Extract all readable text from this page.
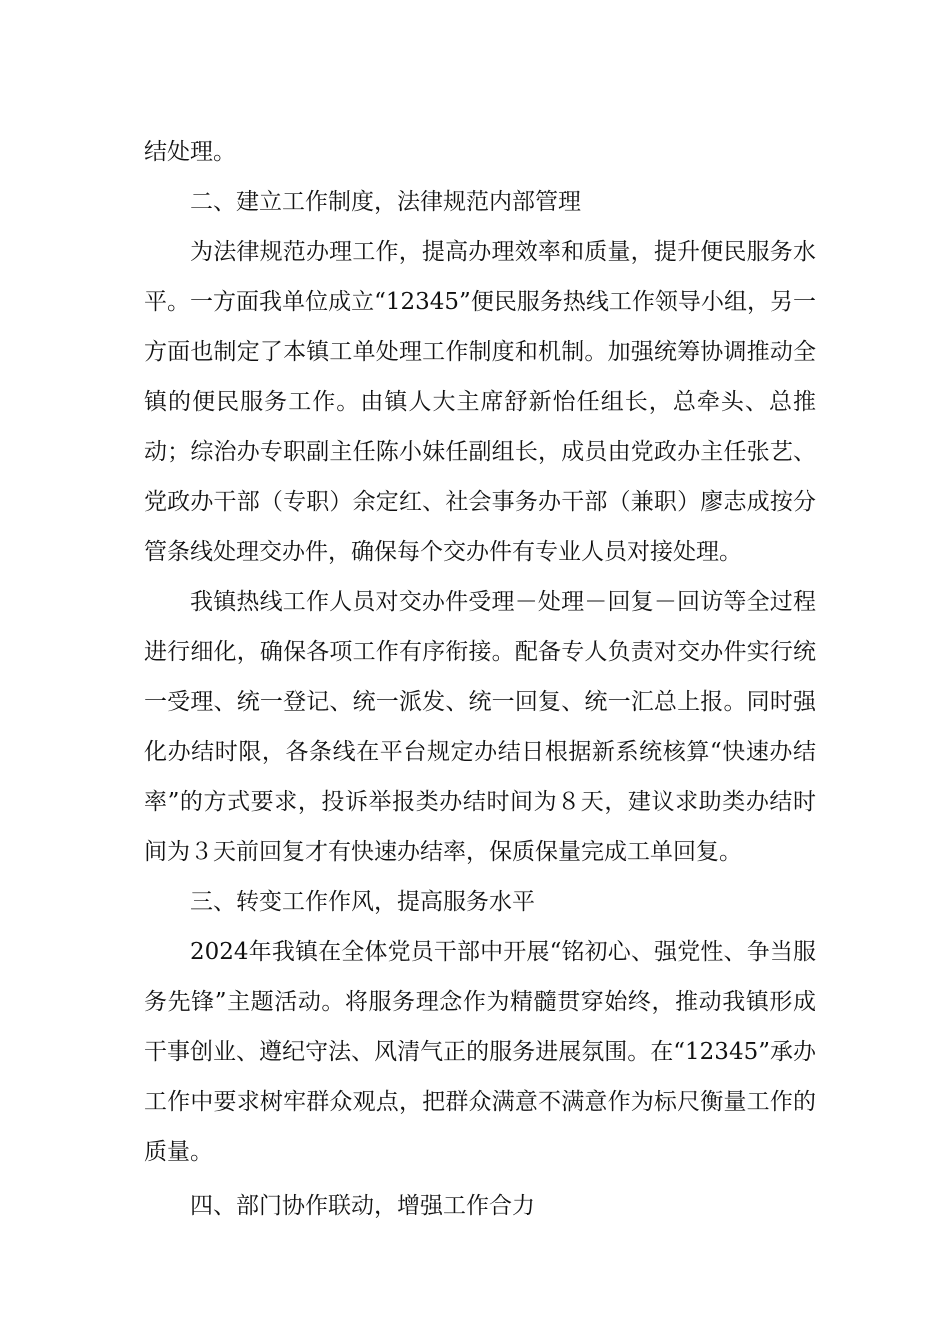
结处理。

二、建立工作制度，法律规范内部管理

为法律规范办理工作，提高办理效率和质量，提升便民服务水平。一方面我单位成立“12345”便民服务热线工作领导小组，另一方面也制定了本镇工单处理工作制度和机制。加强统筹协调推动全镇的便民服务工作。由镇人大主席舒新怡任组长，总牵头、总推动；综治办专职副主任陈小妹任副组长，成员由党政办主任张艺、党政办干部（专职）余定红、社会事务办干部（兼职）廖志成按分管条线处理交办件，确保每个交办件有专业人员对接处理。

我镇热线工作人员对交办件受理－处理－回复－回访等全过程进行细化，确保各项工作有序衔接。配备专人负责对交办件实行统一受理、统一登记、统一派发、统一回复、统一汇总上报。同时强化办结时限，各条线在平台规定办结日根据新系统核算“快速办结率”的方式要求，投诉举报类办结时间为８天，建议求助类办结时间为３天前回复才有快速办结率，保质保量完成工单回复。

三、转变工作作风，提高服务水平

2024年我镇在全体党员干部中开展“铭初心、强党性、争当服务先锋”主题活动。将服务理念作为精髓贯穿始终，推动我镇形成干事创业、遵纪守法、风清气正的服务进展氛围。在“12345”承办工作中要求树牢群众观点，把群众满意不满意作为标尺衡量工作的质量。

四、部门协作联动，增强工作合力
